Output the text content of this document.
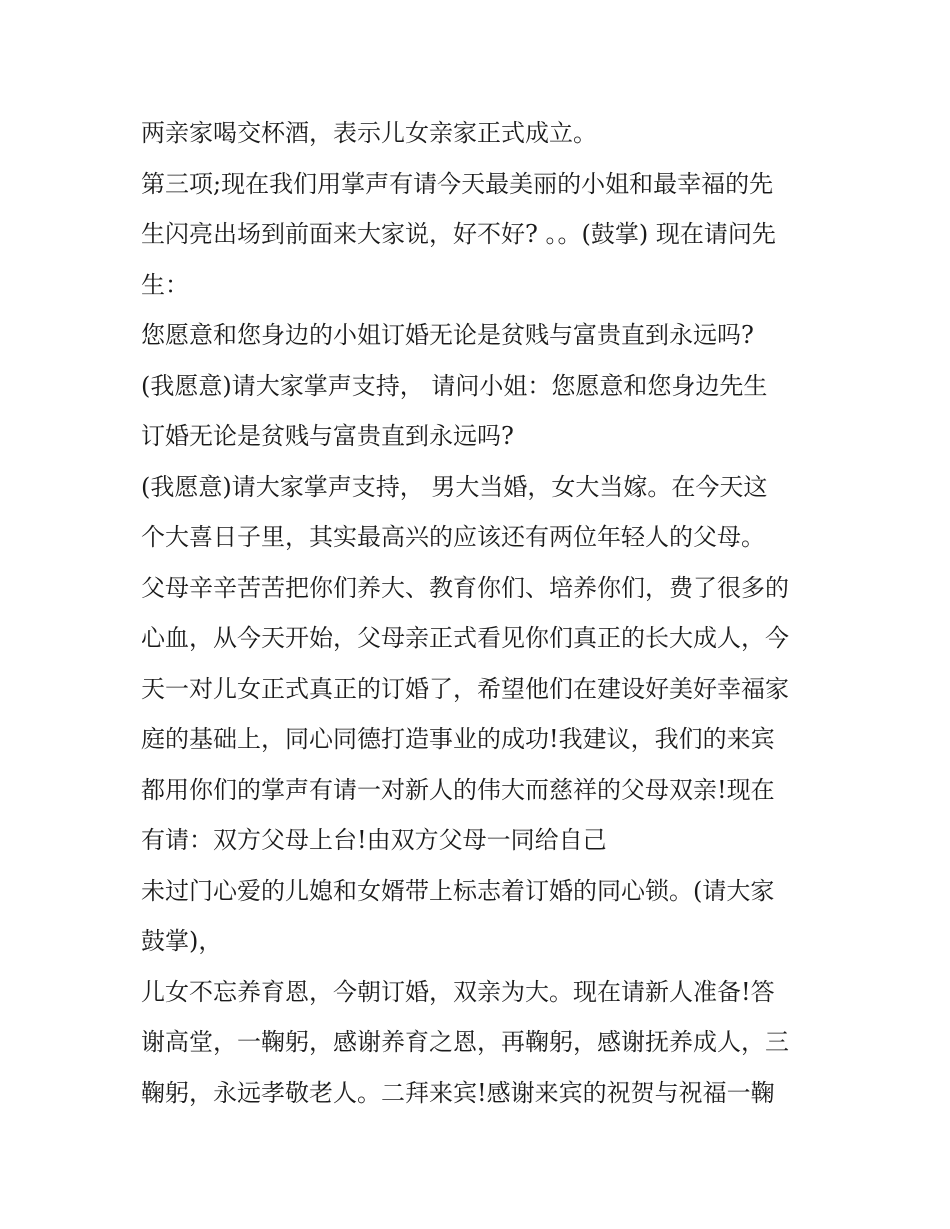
两亲家喝交杯酒，表示儿女亲家正式成立。
第三项;现在我们用掌声有请今天最美丽的小姐和最幸福的先
生闪亮出场到前面来大家说，好不好? 。。(鼓掌) 现在请问先
生：
您愿意和您身边的小姐订婚无论是贫贱与富贵直到永远吗?
(我愿意)请大家掌声支持， 请问小姐：您愿意和您身边先生
订婚无论是贫贱与富贵直到永远吗?
(我愿意)请大家掌声支持， 男大当婚，女大当嫁。在今天这
个大喜日子里，其实最高兴的应该还有两位年轻人的父母。
父母辛辛苦苦把你们养大、教育你们、培养你们，费了很多的
心血，从今天开始，父母亲正式看见你们真正的长大成人，今
天一对儿女正式真正的订婚了，希望他们在建设好美好幸福家
庭的基础上，同心同德打造事业的成功!我建议，我们的来宾
都用你们的掌声有请一对新人的伟大而慈祥的父母双亲!现在
有请：双方父母上台!由双方父母一同给自己
未过门心爱的儿媳和女婿带上标志着订婚的同心锁。(请大家
鼓掌)，
儿女不忘养育恩，今朝订婚，双亲为大。现在请新人准备!答
谢高堂，一鞠躬，感谢养育之恩，再鞠躬，感谢抚养成人，三
鞠躬，永远孝敬老人。二拜来宾!感谢来宾的祝贺与祝福一鞠
